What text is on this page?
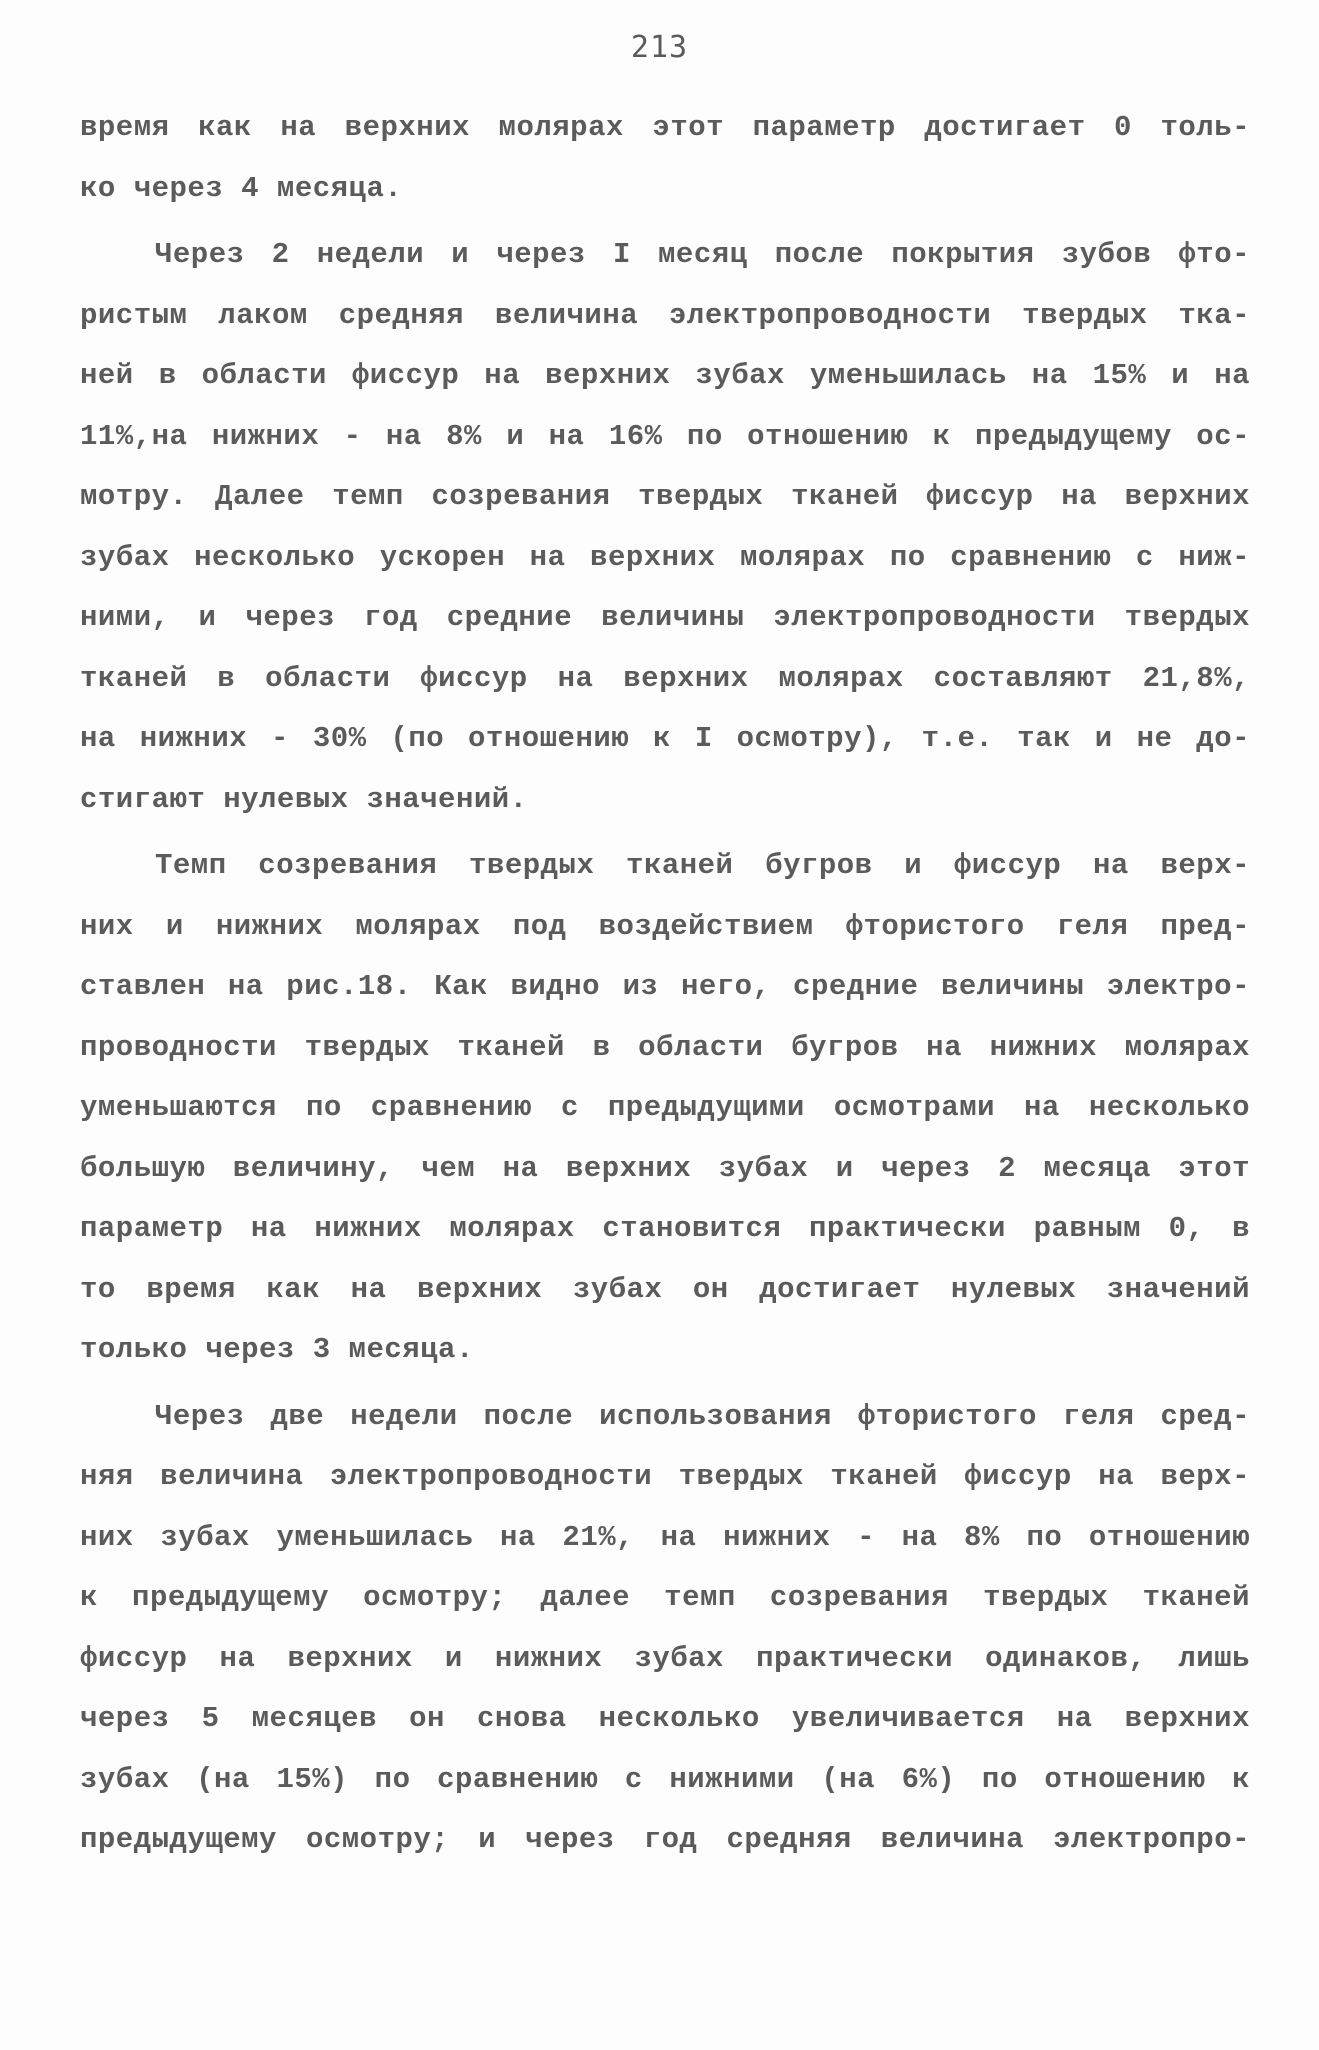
213
время как на верхних молярах этот параметр достигает 0 толь-
ко через 4 месяца.
Через 2 недели и через I месяц после покрытия зубов фто-
ристым лаком средняя величина электропроводности твердых тка-
ней в области фиссур на верхних зубах уменьшилась на 15% и на
11%,на нижних - на 8% и на 16% по отношению к предыдущему ос-
мотру. Далее темп созревания твердых тканей фиссур на верхних
зубах несколько ускорен на верхних молярах по сравнению с ниж-
ними, и через год средние величины электропроводности твердых
тканей в области фиссур на верхних молярах составляют 21,8%,
на нижних - 30% (по отношению к I осмотру), т.е. так и не до-
стигают нулевых значений.
Темп созревания твердых тканей бугров и фиссур на верх-
них и нижних молярах под воздействием фтористого геля пред-
ставлен на рис.18. Как видно из него, средние величины электро-
проводности твердых тканей в области бугров на нижних молярах
уменьшаются по сравнению с предыдущими осмотрами на несколько
большую величину, чем на верхних зубах и через 2 месяца этот
параметр на нижних молярах становится практически равным 0, в
то время как на верхних зубах он достигает нулевых значений
только через 3 месяца.
Через две недели после использования фтористого геля сред-
няя величина электропроводности твердых тканей фиссур на верх-
них зубах уменьшилась на 21%, на нижних - на 8% по отношению
к предыдущему осмотру; далее темп созревания твердых тканей
фиссур на верхних и нижних зубах практически одинаков, лишь
через 5 месяцев он снова несколько увеличивается на верхних
зубах (на 15%) по сравнению с нижними (на 6%) по отношению к
предыдущему осмотру; и через год средняя величина электропро-
